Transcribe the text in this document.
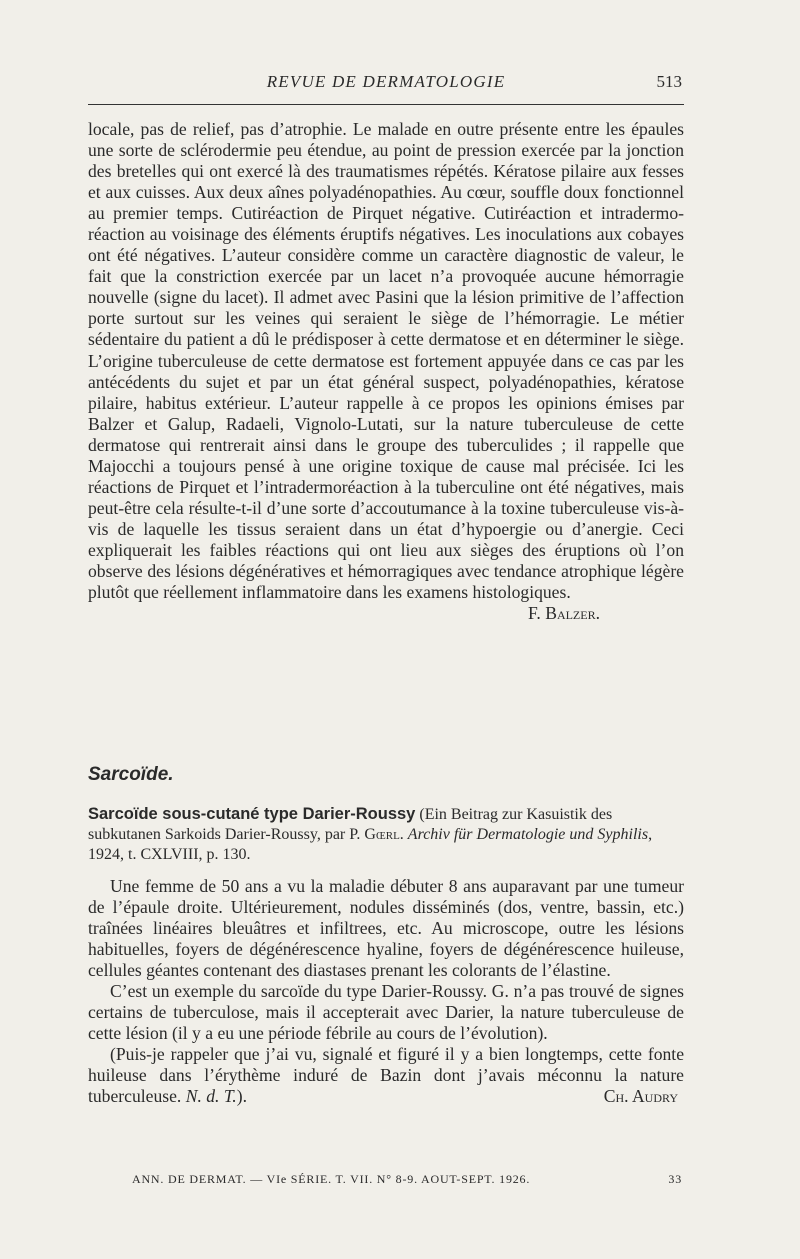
REVUE DE DERMATOLOGIE	513

locale, pas de relief, pas d’atrophie. Le malade en outre présente entre les épaules une sorte de sclérodermie peu étendue, au point de pression exercée par la jonction des bretelles qui ont exercé là des traumatismes répétés. Kératose pilaire aux fesses et aux cuisses. Aux deux aînes polyadénopathies. Au cœur, souffle doux fonctionnel au premier temps. Cutiréaction de Pirquet négative. Cutiréaction et intradermo-réaction au voisinage des éléments éruptifs négatives. Les inoculations aux cobayes ont été négatives. L’auteur considère comme un caractère diagnostic de valeur, le fait que la constriction exercée par un lacet n’a provoquée aucune hémorragie nouvelle (signe du lacet). Il admet avec Pasini que la lésion primitive de l’affection porte surtout sur les veines qui seraient le siège de l’hémorragie. Le métier sédentaire du patient a dû le prédisposer à cette dermatose et en déterminer le siège. L’origine tuberculeuse de cette dermatose est fortement appuyée dans ce cas par les antécédents du sujet et par un état général suspect, polyadénopathies, kératose pilaire, habitus extérieur. L’auteur rappelle à ce propos les opinions émises par Balzer et Galup, Radaeli, Vignolo-Lutati, sur la nature tuberculeuse de cette dermatose qui rentrerait ainsi dans le groupe des tuberculides ; il rappelle que Majocchi a toujours pensé à une origine toxique de cause mal précisée. Ici les réactions de Pirquet et l’intradermoréaction à la tuberculine ont été négatives, mais peut-être cela résulte-t-il d’une sorte d’accoutumance à la toxine tuberculeuse vis-à-vis de laquelle les tissus seraient dans un état d’hypoergie ou d’anergie. Ceci expliquerait les faibles réactions qui ont lieu aux sièges des éruptions où l’on observe des lésions dégénératives et hémorragiques avec tendance atrophique légère plutôt que réellement inflammatoire dans les examens histologiques.
F. Balzer.

Sarcoïde.
Sarcoïde sous-cutané type Darier-Roussy (Ein Beitrag zur Kasuistik des subkutanen Sarkoids Darier-Roussy, par P. Gœrl. Archiv für Dermatologie und Syphilis, 1924, t. CXLVIII, p. 130.

Une femme de 50 ans a vu la maladie débuter 8 ans auparavant par une tumeur de l’épaule droite. Ultérieurement, nodules disséminés (dos, ventre, bassin, etc.) traînées linéaires bleuâtres et infiltrees, etc. Au microscope, outre les lésions habituelles, foyers de dégénérescence hyaline, foyers de dégénérescence huileuse, cellules géantes contenant des diastases prenant les colorants de l’élastine.

C’est un exemple du sarcoïde du type Darier-Roussy. G. n’a pas trouvé de signes certains de tuberculose, mais il accepterait avec Darier, la nature tuberculeuse de cette lésion (il y a eu une période fébrile au cours de l’évolution).

(Puis-je rappeler que j’ai vu, signalé et figuré il y a bien longtemps, cette fonte huileuse dans l’érythème induré de Bazin dont j’avais méconnu la nature tuberculeuse. N. d. T.).	Ch. Audry

ANN. DE DERMAT. — VIe SÉRIE. T. VII. N° 8-9. AOUT-SEPT. 1926.	33
